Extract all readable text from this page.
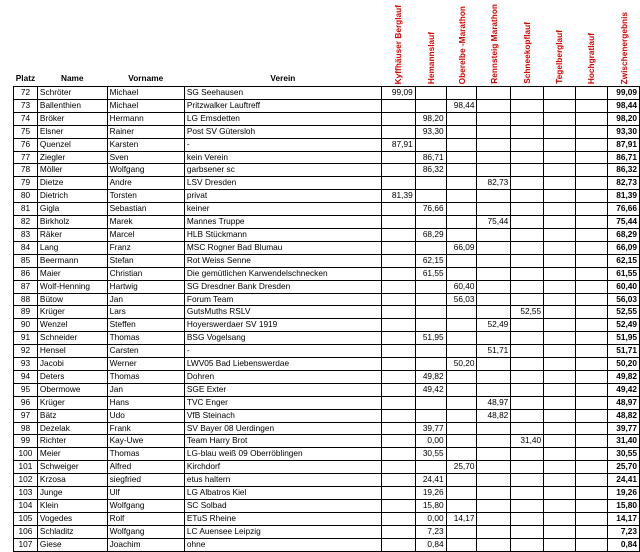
Platz	Name	Vorname	Verein	Kyffhäuser Berglauf	Hemannslauf	Oberelbe -Marathon	Rennsteig Marathon	Schneekopflauf	Tegelberglauf	Hochgratlauf	Zwischenergebnis

72	Schröter	Michael	SG Seehausen	99,09							99,09
73	Ballenthien	Michael	Pritzwalker Lauftreff			98,44					98,44
74	Bröker	Hermann	LG Emsdetten		98,20						98,20
75	Elsner	Rainer	Post SV Gütersloh		93,30						93,30
76	Quenzel	Karsten	-	87,91							87,91
77	Ziegler	Sven	kein Verein		86,71						86,71
78	Möller	Wolfgang	garbsener sc		86,32						86,32
79	Dietze	Andre	LSV Dresden				82,73				82,73
80	Dietrich	Torsten	privat	81,39							81,39
81	Gigla	Sebastian	keiner		76,66						76,66
82	Birkholz	Marek	Mannes Truppe				75,44				75,44
83	Räker	Marcel	HLB Stückmann		68,29						68,29
84	Lang	Franz	MSC Rogner Bad Blumau			66,09					66,09
85	Beermann	Stefan	Rot Weiss Senne		62,15						62,15
86	Maier	Christian	Die gemütlichen Karwendelschnecken		61,55						61,55
87	Wolf-Henning	Hartwig	SG Dresdner Bank Dresden			60,40					60,40
88	Bütow	Jan	Forum Team			56,03					56,03
89	Krüger	Lars	GutsMuths RSLV					52,55			52,55
90	Wenzel	Steffen	Hoyerswerdaer SV 1919				52,49				52,49
91	Schneider	Thomas	BSG Vogelsang		51,95						51,95
92	Hensel	Carsten	-				51,71				51,71
93	Jacobi	Werner	LWV05 Bad Liebenswerdae			50,20					50,20
94	Deters	Thomas	Dohren		49,82						49,82
95	Obermowe	Jan	SGE Exter		49,42						49,42
96	Krüger	Hans	TVC Enger				48,97				48,97
97	Bätz	Udo	VfB Steinach				48,82				48,82
98	Dezelak	Frank	SV Bayer 08 Uerdingen		39,77						39,77
99	Richter	Kay-Uwe	Team Harry Brot		0,00			31,40			31,40
100	Meier	Thomas	LG-blau weiß 09 Oberröblingen		30,55						30,55
101	Schweiger	Alfred	Kirchdorf			25,70					25,70
102	Krzosa	siegfried	etus haltern		24,41						24,41
103	Junge	Ulf	LG Albatros Kiel		19,26						19,26
104	Klein	Wolfgang	SC Solbad		15,80						15,80
105	Vogedes	Rolf	ETuS Rheine		0,00	14,17					14,17
106	Schladitz	Wolfgang	LC Auensee Leipzig		7,23						7,23
107	Giese	Joachim	ohne		0,84						0,84
